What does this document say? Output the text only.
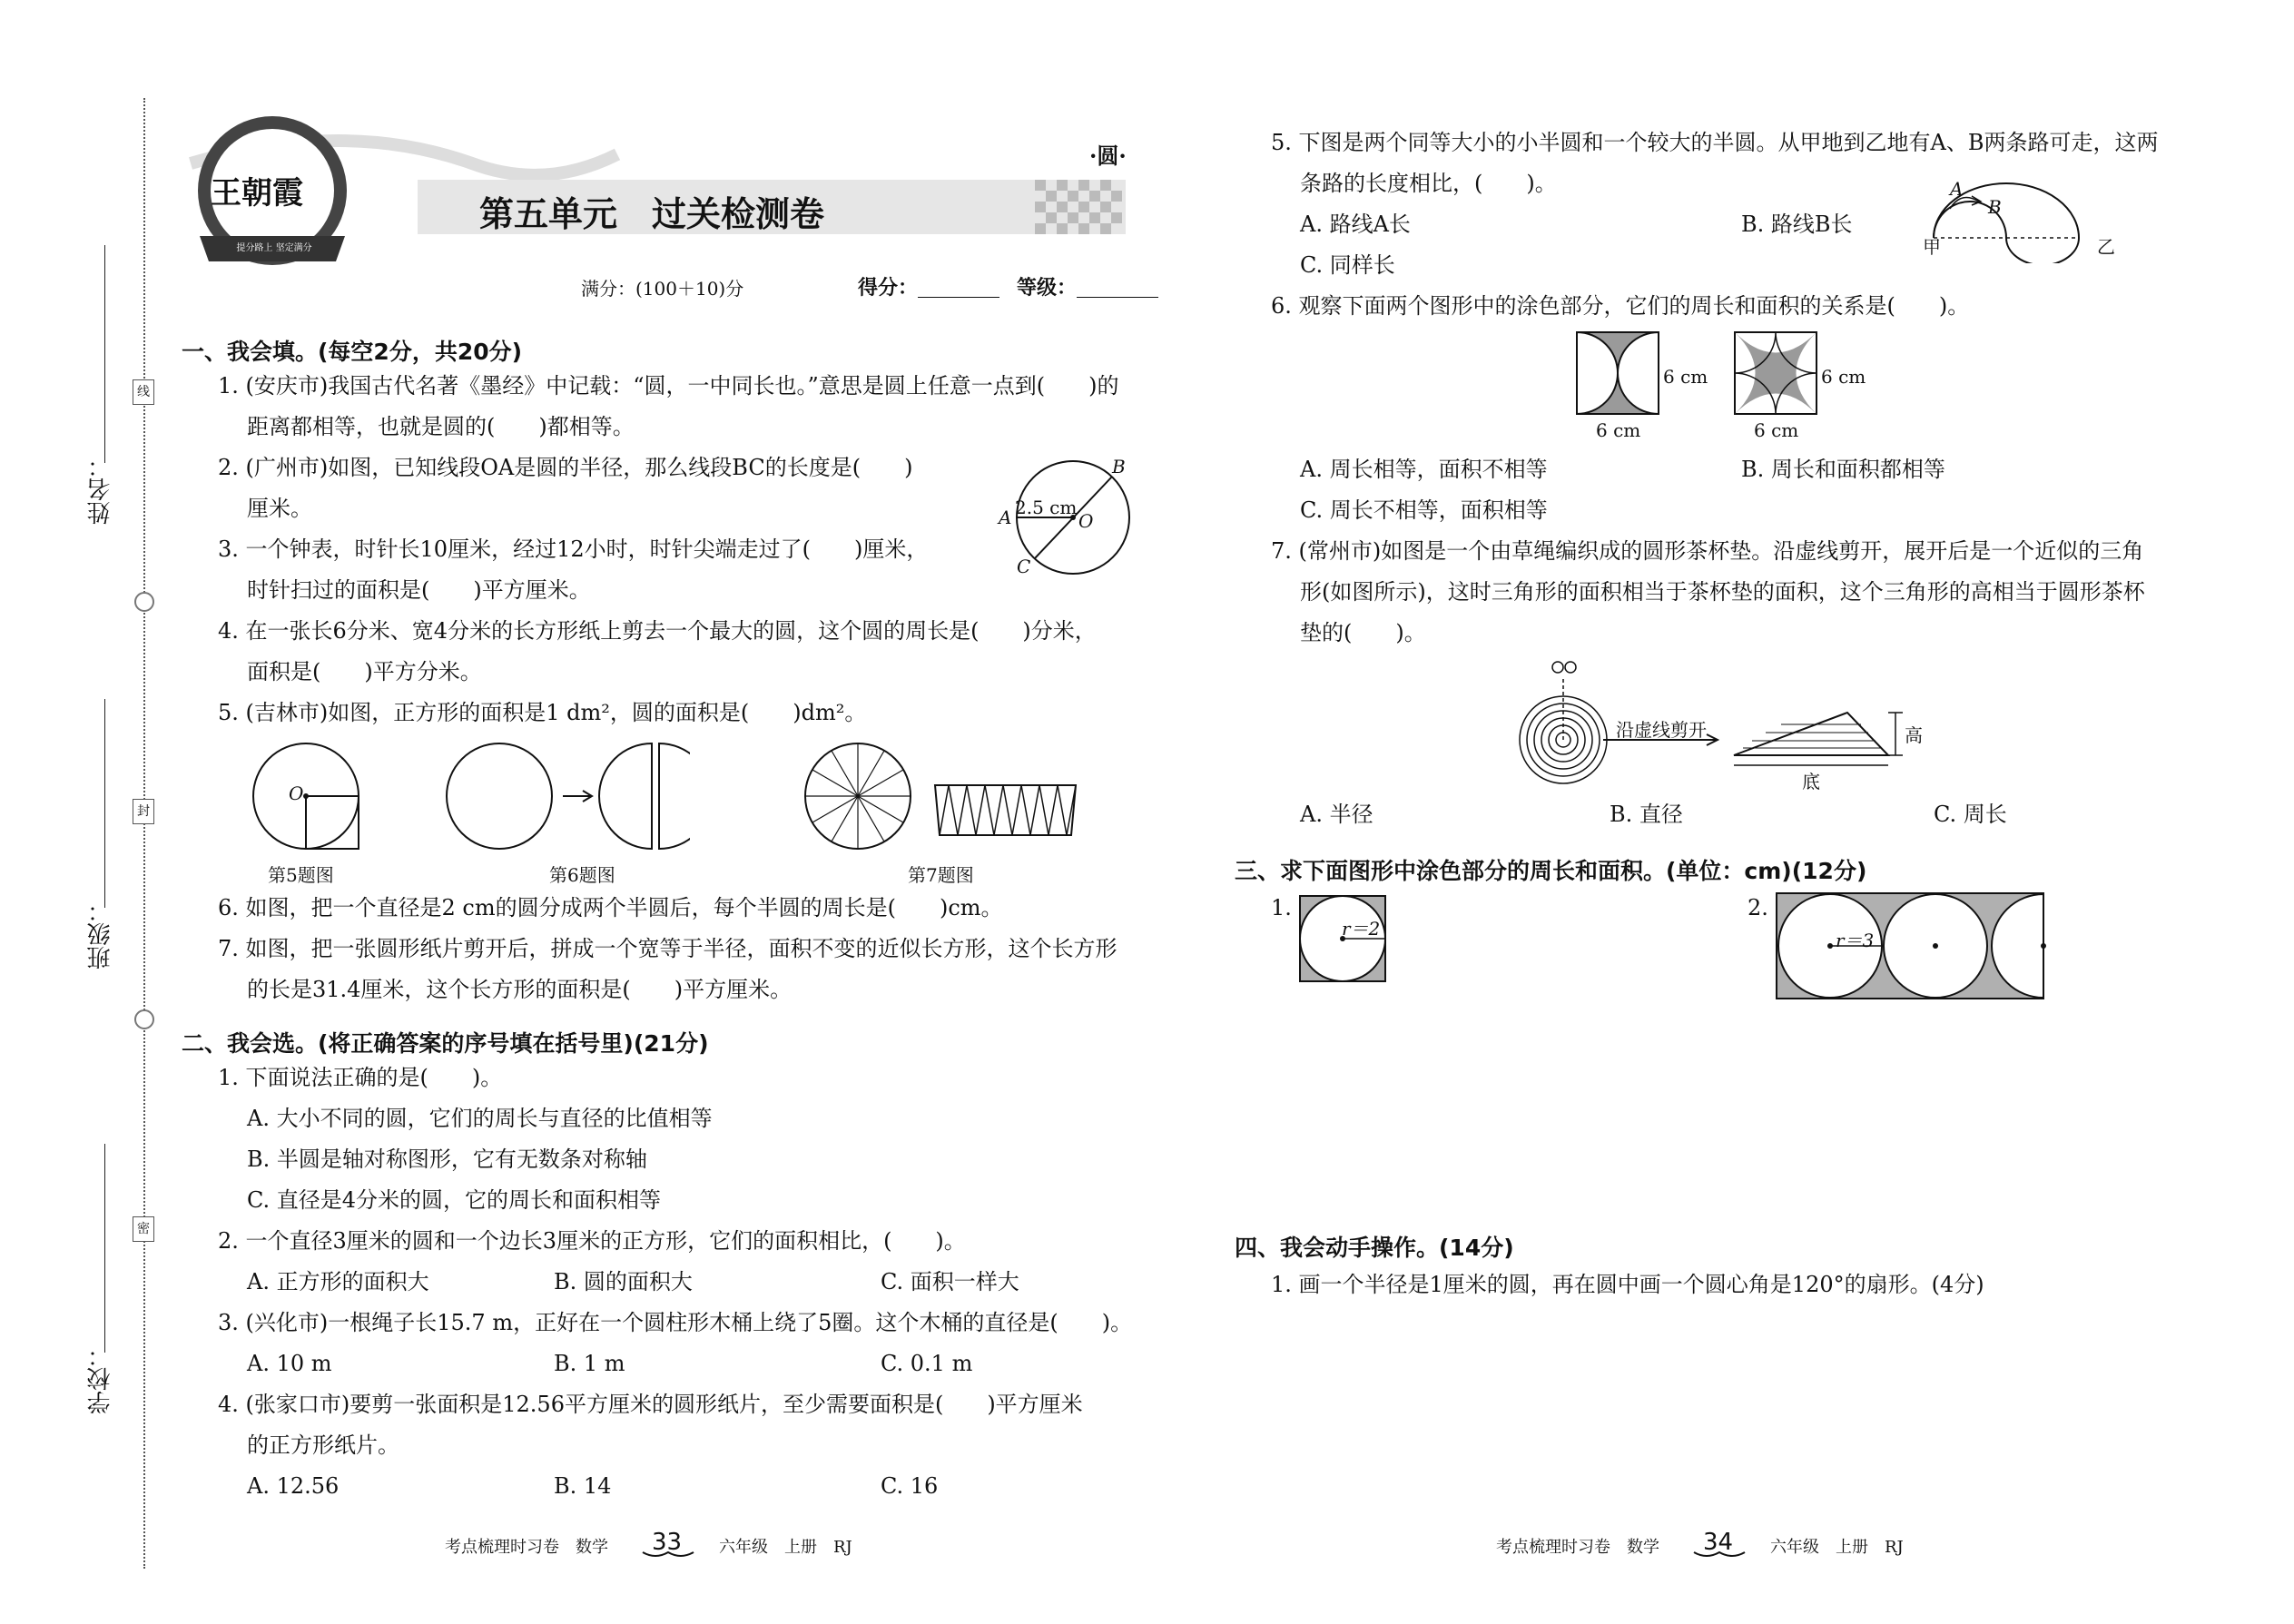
姓名：
班级：
学校：
线
封
密
王朝霞
提分路上 坚定满分
·圆·
第五单元　过关检测卷
满分：(100＋10)分	得分：	等级：
一、我会填。(每空2分，共20分)
1. (安庆市)我国古代名著《墨经》中记载：“圆，一中同长也。”意思是圆上任意一点到(　　)的
距离都相等，也就是圆的(　　)都相等。
2. (广州市)如图，已知线段OA是圆的半径，那么线段BC的长度是(　　)
厘米。
3. 一个钟表，时针长10厘米，经过12小时，时针尖端走过了(　　)厘米，
时针扫过的面积是(　　)平方厘米。
4. 在一张长6分米、宽4分米的长方形纸上剪去一个最大的圆，这个圆的周长是(　　)分米，
面积是(　　)平方分米。
5. (吉林市)如图，正方形的面积是1 dm²，圆的面积是(　　)dm²。
2.5 cm
A
B
C
O
O
第5题图	第6题图	第7题图
6. 如图，把一个直径是2 cm的圆分成两个半圆后，每个半圆的周长是(　　)cm。
7. 如图，把一张圆形纸片剪开后，拼成一个宽等于半径，面积不变的近似长方形，这个长方形
的长是31.4厘米，这个长方形的面积是(　　)平方厘米。
二、我会选。(将正确答案的序号填在括号里)(21分)
1. 下面说法正确的是(　　)。
A. 大小不同的圆，它们的周长与直径的比值相等
B. 半圆是轴对称图形，它有无数条对称轴
C. 直径是4分米的圆，它的周长和面积相等
2. 一个直径3厘米的圆和一个边长3厘米的正方形，它们的面积相比，(　　)。
A. 正方形的面积大	B. 圆的面积大	C. 面积一样大
3. (兴化市)一根绳子长15.7 m，正好在一个圆柱形木桶上绕了5圈。这个木桶的直径是(　　)。
A. 10 m	B. 1 m	C. 0.1 m
4. (张家口市)要剪一张面积是12.56平方厘米的圆形纸片，至少需要面积是(　　)平方厘米
的正方形纸片。
A. 12.56	B. 14	C. 16
考点梳理时习卷　数学 33 六年级　上册　RJ
5. 下图是两个同等大小的小半圆和一个较大的半圆。从甲地到乙地有A、B两条路可走，这两
条路的长度相比，(　　)。
A. 路线A长	B. 路线B长
C. 同样长
A
B
甲	乙
6. 观察下面两个图形中的涂色部分，它们的周长和面积的关系是(　　)。
6 cm
6 cm
6 cm
6 cm
A. 周长相等，面积不相等	B. 周长和面积都相等
C. 周长不相等，面积相等
7. (常州市)如图是一个由草绳编织成的圆形茶杯垫。沿虚线剪开，展开后是一个近似的三角
形(如图所示)，这时三角形的面积相当于茶杯垫的面积，这个三角形的高相当于圆形茶杯
垫的(　　)。
沿虚线剪开	高
底
A. 半径	B. 直径	C. 周长
三、求下面图形中涂色部分的周长和面积。(单位：cm)(12分)
1.
r＝2
2.
r＝3
四、我会动手操作。(14分)
1. 画一个半径是1厘米的圆，再在圆中画一个圆心角是120°的扇形。(4分)
考点梳理时习卷　数学 34 六年级　上册　RJ
